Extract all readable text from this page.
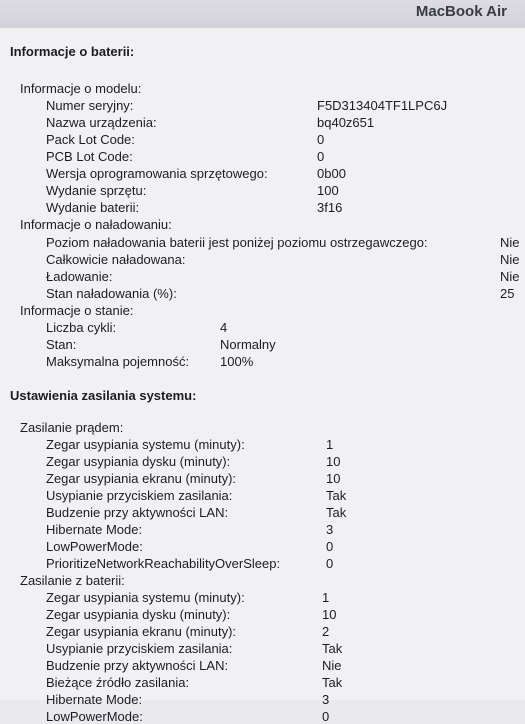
MacBook Air
Informacje o baterii:
Informacje o modelu:
Numer seryjny:	F5D313404TF1LPC6J
Nazwa urządzenia:	bq40z651
Pack Lot Code:	0
PCB Lot Code:	0
Wersja oprogramowania sprzętowego:	0b00
Wydanie sprzętu:	100
Wydanie baterii:	3f16
Informacje o naładowaniu:
Poziom naładowania baterii jest poniżej poziomu ostrzegawczego:	Nie
Całkowicie naładowana:	Nie
Ładowanie:	Nie
Stan naładowania (%):	25
Informacje o stanie:
Liczba cykli:	4
Stan:	Normalny
Maksymalna pojemność: 100%
Ustawienia zasilania systemu:
Zasilanie prądem:
Zegar usypiania systemu (minuty):	1
Zegar usypiania dysku (minuty):	10
Zegar usypiania ekranu (minuty):	10
Usypianie przyciskiem zasilania:	Tak
Budzenie przy aktywności LAN:	Tak
Hibernate Mode:	3
LowPowerMode:	0
PrioritizeNetworkReachabilityOverSleep:	0
Zasilanie z baterii:
Zegar usypiania systemu (minuty):	1
Zegar usypiania dysku (minuty):	10
Zegar usypiania ekranu (minuty):	2
Usypianie przyciskiem zasilania:	Tak
Budzenie przy aktywności LAN:	Nie
Bieżące źródło zasilania:	Tak
Hibernate Mode:	3
LowPowerMode:	0
